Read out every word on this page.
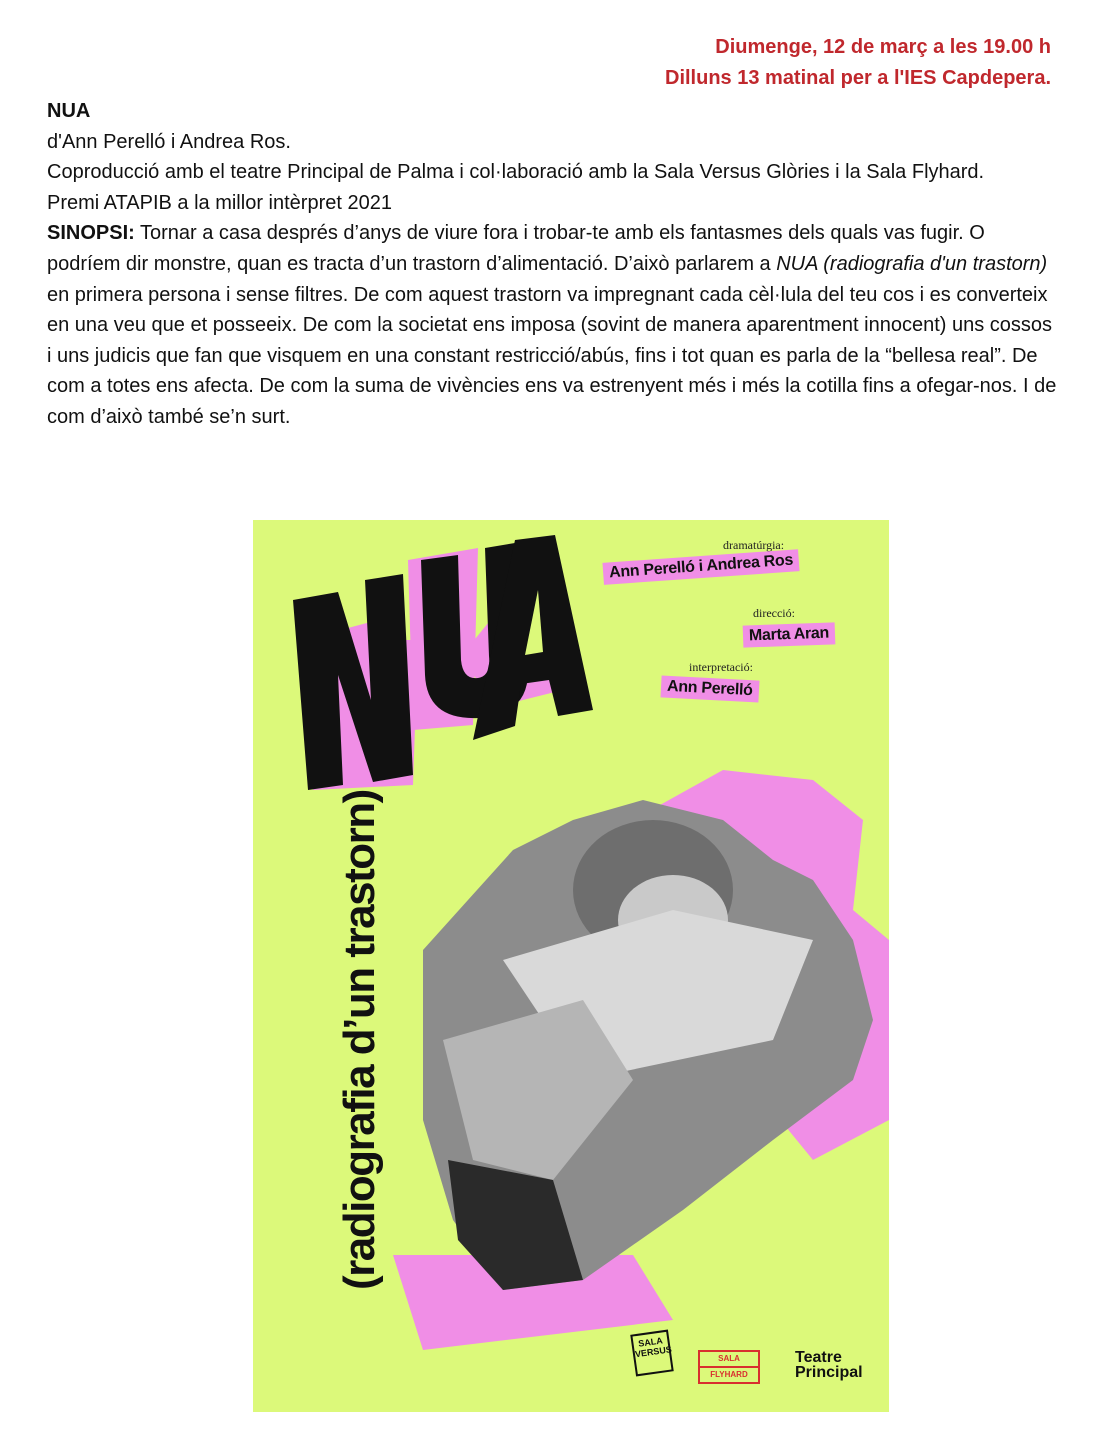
Diumenge, 12 de març a les 19.00 h
Dilluns 13 matinal per a l'IES Capdepera.

NUA

d'Ann Perelló i Andrea Ros.

Coproducció amb el teatre Principal de Palma i col·laboració amb la Sala Versus Glòries i la Sala Flyhard.

Premi ATAPIB a la millor intèrpret 2021

SINOPSI: Tornar a casa després d’anys de viure fora i trobar-te amb els fantasmes dels quals vas fugir. O podríem dir monstre, quan es tracta d’un trastorn d’alimentació. D’això parlarem a NUA (radiografia d'un trastorn) en primera persona i sense filtres. De com aquest trastorn va impregnant cada cèl·lula del teu cos i es converteix en una veu que et posseeix. De com la societat ens imposa (sovint de manera aparentment innocent) uns cossos i uns judicis que fan que visquem en una constant restricció/abús, fins i tot quan es parla de la “bellesa real”. De com a totes ens afecta. De com la suma de vivències ens va estrenyent més i més la cotilla fins a ofegar-nos. I de com d’això també se’n surt.

dramatúrgia:
Ann Perelló i Andrea Ros
direcció:
Marta Aran
interpretació:
Ann Perelló
(radiografia d’un trastorn)
SALA VERSUS	SALA
FLYHARD
Teatre
Principal
